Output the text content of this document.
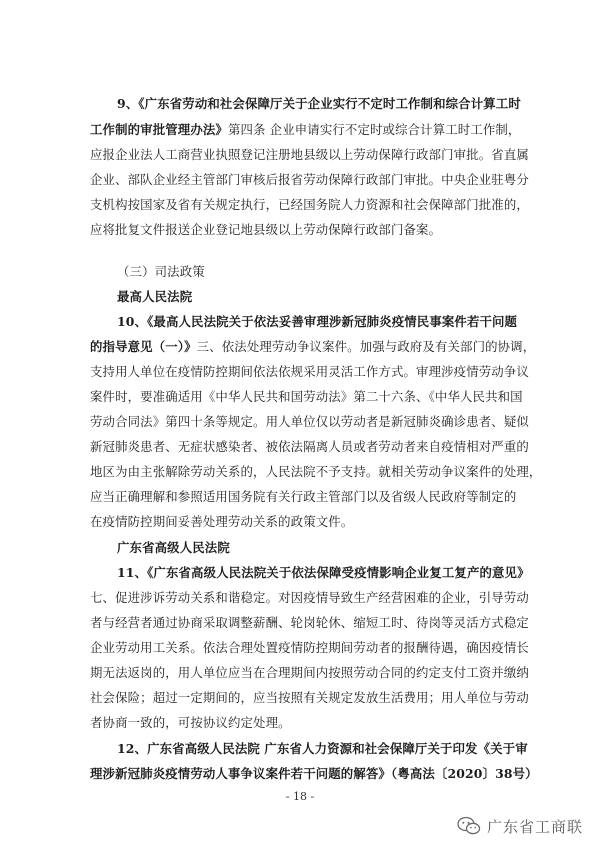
9、《广东省劳动和社会保障厅关于企业实行不定时工作制和综合计算工时
工作制的审批管理办法》第四条 企业申请实行不定时或综合计算工时工作制，
应报企业法人工商营业执照登记注册地县级以上劳动保障行政部门审批。省直属
企业、部队企业经主管部门审核后报省劳动保障行政部门审批。中央企业驻粤分
支机构按国家及省有关规定执行，已经国务院人力资源和社会保障部门批准的，
应将批复文件报送企业登记地县级以上劳动保障行政部门备案。
（三）司法政策
最高人民法院
10、《最高人民法院关于依法妥善审理涉新冠肺炎疫情民事案件若干问题
的指导意见（一）》三、依法处理劳动争议案件。加强与政府及有关部门的协调，
支持用人单位在疫情防控期间依法依规采用灵活工作方式。审理涉疫情劳动争议
案件时，要准确适用《中华人民共和国劳动法》第二十六条、《中华人民共和国
劳动合同法》第四十条等规定。用人单位仅以劳动者是新冠肺炎确诊患者、疑似
新冠肺炎患者、无症状感染者、被依法隔离人员或者劳动者来自疫情相对严重的
地区为由主张解除劳动关系的，人民法院不予支持。就相关劳动争议案件的处理，
应当正确理解和参照适用国务院有关行政主管部门以及省级人民政府等制定的
在疫情防控期间妥善处理劳动关系的政策文件。
广东省高级人民法院
11、《广东省高级人民法院关于依法保障受疫情影响企业复工复产的意见》
七、促进涉诉劳动关系和谐稳定。对因疫情导致生产经营困难的企业，引导劳动
者与经营者通过协商采取调整薪酬、轮岗轮休、缩短工时、待岗等灵活方式稳定
企业劳动用工关系。依法合理处置疫情防控期间劳动者的报酬待遇，确因疫情长
期无法返岗的，用人单位应当在合理期间内按照劳动合同的约定支付工资并缴纳
社会保险；超过一定期间的，应当按照有关规定发放生活费用；用人单位与劳动
者协商一致的，可按协议约定处理。
12、广东省高级人民法院 广东省人力资源和社会保障厅关于印发《关于审
理涉新冠肺炎疫情劳动人事争议案件若干问题的解答》（粤高法〔2020〕38号）
- 18 -
广东省工商联
